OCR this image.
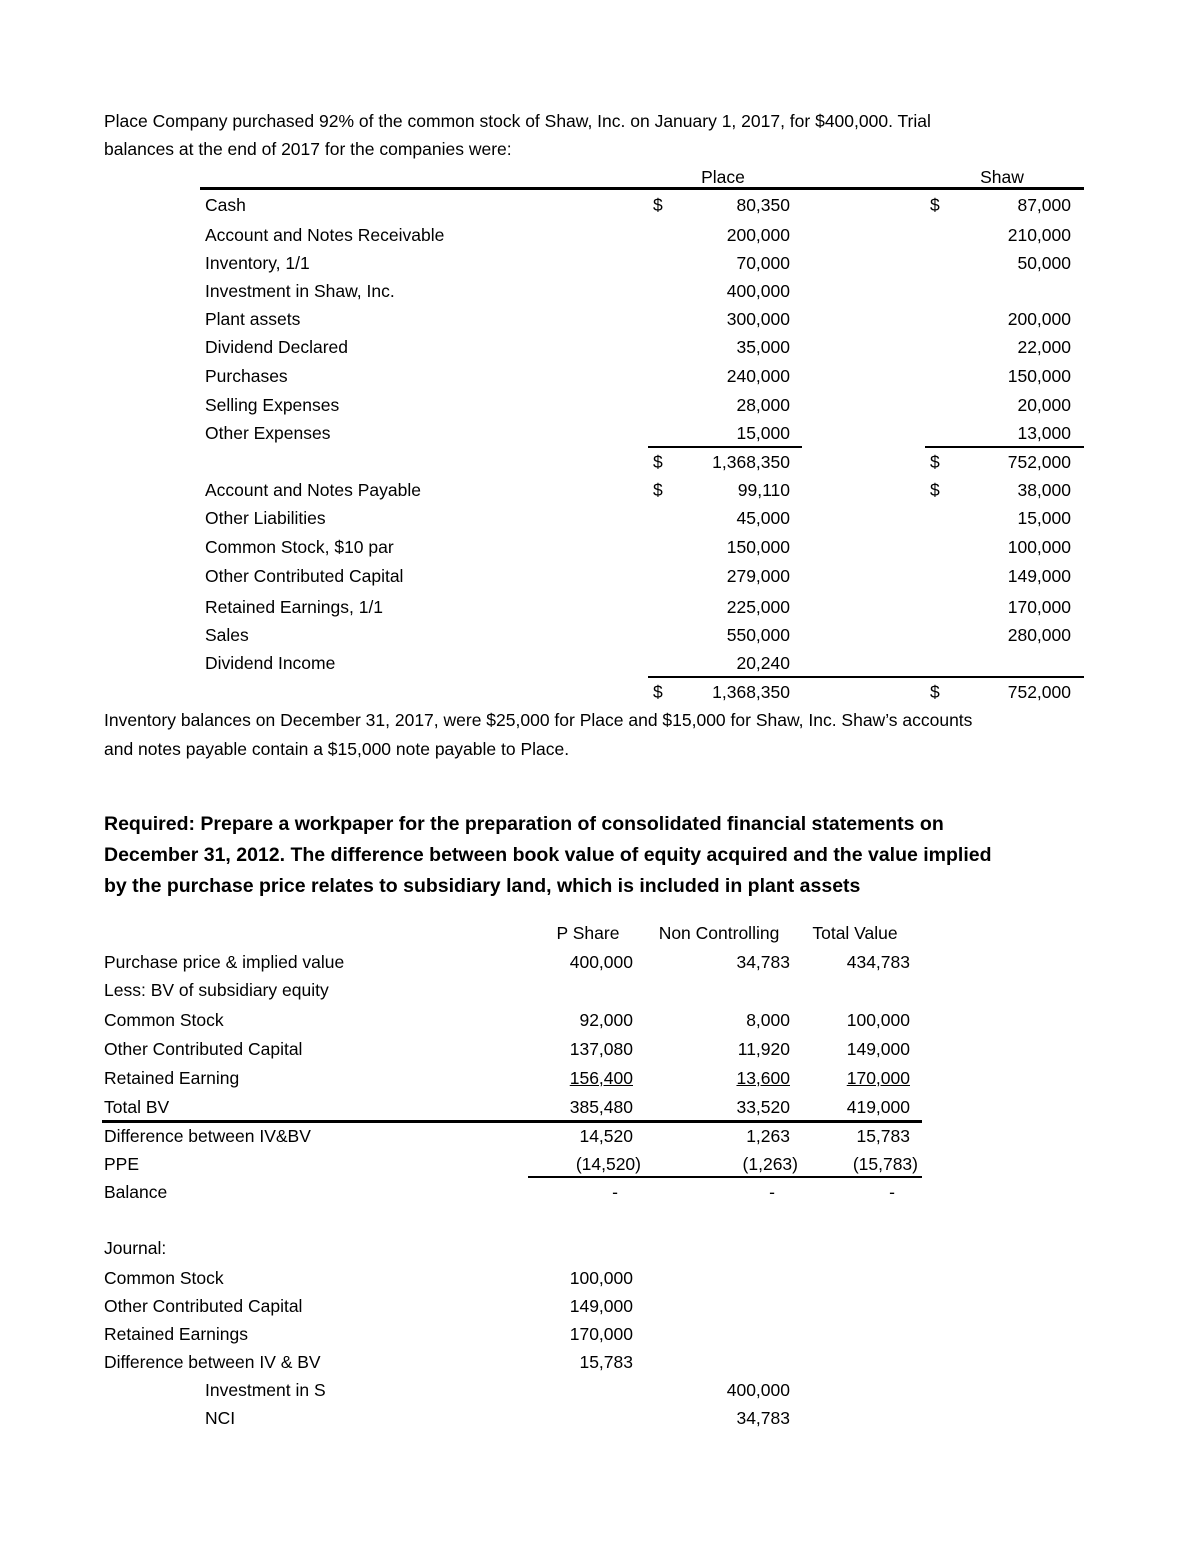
Place Company purchased 92% of the common stock of Shaw, Inc. on January 1, 2017, for $400,000. Trial
balances at the end of 2017 for the companies were:
Place	Shaw
Cash	$	80,350	$	87,000
Account and Notes Receivable	200,000	210,000
Inventory, 1/1	70,000	50,000
Investment in Shaw, Inc.	400,000
Plant assets	300,000	200,000
Dividend Declared	35,000	22,000
Purchases	240,000	150,000
Selling Expenses	28,000	20,000
Other Expenses	15,000	13,000
$	1,368,350	$	752,000
Account and Notes Payable	$	99,110	$	38,000
Other Liabilities	45,000	15,000
Common Stock, $10 par	150,000	100,000
Other Contributed Capital	279,000	149,000
Retained Earnings, 1/1	225,000	170,000
Sales	550,000	280,000
Dividend Income	20,240
$	1,368,350	$	752,000
Inventory balances on December 31, 2017, were $25,000 for Place and $15,000 for Shaw, Inc. Shaw’s accounts
and notes payable contain a $15,000 note payable to Place.
Required: Prepare a workpaper for the preparation of consolidated financial statements on
December 31, 2012. The difference between book value of equity acquired and the value implied
by the purchase price relates to subsidiary land, which is included in plant assets
P Share	Non Controlling	Total Value
Purchase price & implied value	400,000	34,783	434,783
Less: BV of subsidiary equity
Common Stock	92,000	8,000	100,000
Other Contributed Capital	137,080	11,920	149,000
Retained Earning	156,400	13,600	170,000
Total BV	385,480	33,520	419,000
Difference between IV&BV	14,520	1,263	15,783
PPE	(14,520)	(1,263)	(15,783)
Balance	-	-	-
Journal:
Common Stock	100,000
Other Contributed Capital	149,000
Retained Earnings	170,000
Difference between IV & BV	15,783
Investment in S	400,000
NCI	34,783
